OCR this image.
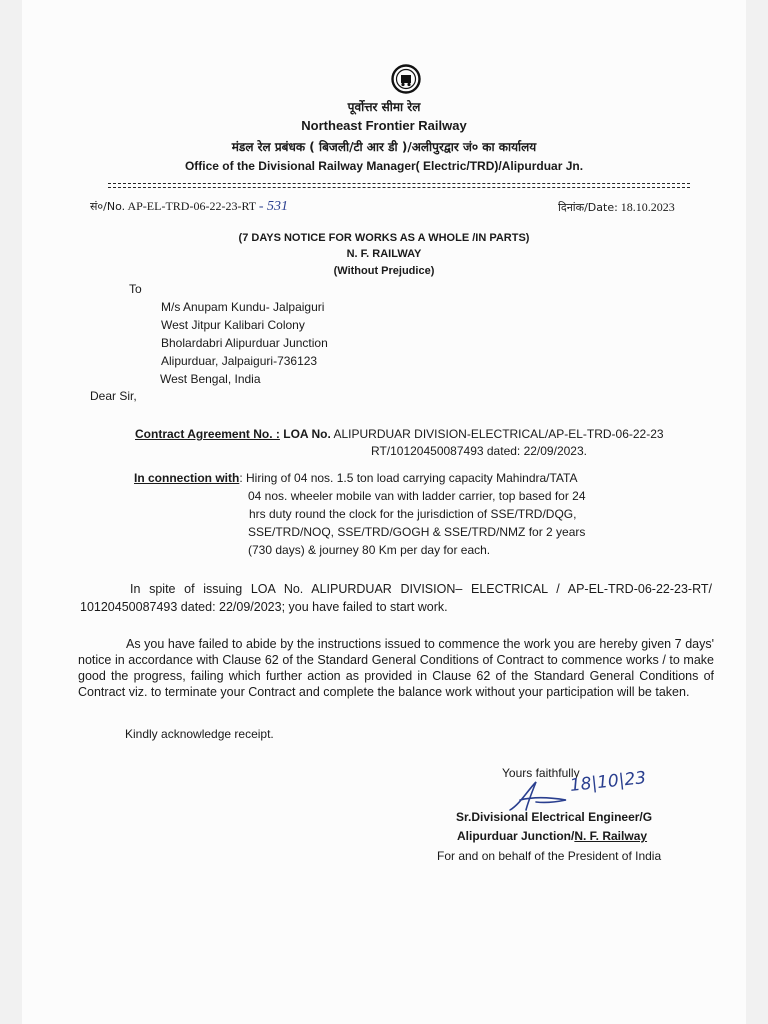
पूर्वोत्तर सीमा रेल
Northeast Frontier Railway
मंडल रेल प्रबंधक ( बिजली/टी आर डी )/अलीपुरद्वार जं० का कार्यालय
Office of the Divisional Railway Manager( Electric/TRD)/Alipurduar Jn.
सं०/No. AP-EL-TRD-06-22-23-RT - 531	दिनांक/Date: 18.10.2023
(7 DAYS NOTICE FOR WORKS AS A WHOLE /IN PARTS)
N. F. RAILWAY
(Without Prejudice)
To
M/s Anupam Kundu- Jalpaiguri
West Jitpur Kalibari Colony
Bholardabri Alipurduar Junction
Alipurduar, Jalpaiguri-736123
West Bengal, India
Dear Sir,
Contract Agreement No. : LOA No. ALIPURDUAR DIVISION-ELECTRICAL/AP-EL-TRD-06-22-23
RT/10120450087493 dated: 22/09/2023.
In connection with: Hiring of 04 nos. 1.5 ton load carrying capacity Mahindra/TATA
04 nos. wheeler mobile van with ladder carrier, top based for 24
hrs duty round the clock for the jurisdiction of SSE/TRD/DQG,
SSE/TRD/NOQ, SSE/TRD/GOGH & SSE/TRD/NMZ for 2 years
(730 days) & journey 80 Km per day for each.
In spite of issuing LOA No. ALIPURDUAR DIVISION– ELECTRICAL / AP-EL-TRD-06-22-23-RT/ 10120450087493 dated: 22/09/2023; you have failed to start work.
As you have failed to abide by the instructions issued to commence the work you are hereby given 7 days' notice in accordance with Clause 62 of the Standard General Conditions of Contract to commence works / to make good the progress, failing which further action as provided in Clause 62 of the Standard General Conditions of Contract viz. to terminate your Contract and complete the balance work without your participation will be taken.
Kindly acknowledge receipt.
Yours faithfully
18|10|23
Sr.Divisional Electrical Engineer/G
Alipurduar Junction/N. F. Railway
For and on behalf of the President of India
